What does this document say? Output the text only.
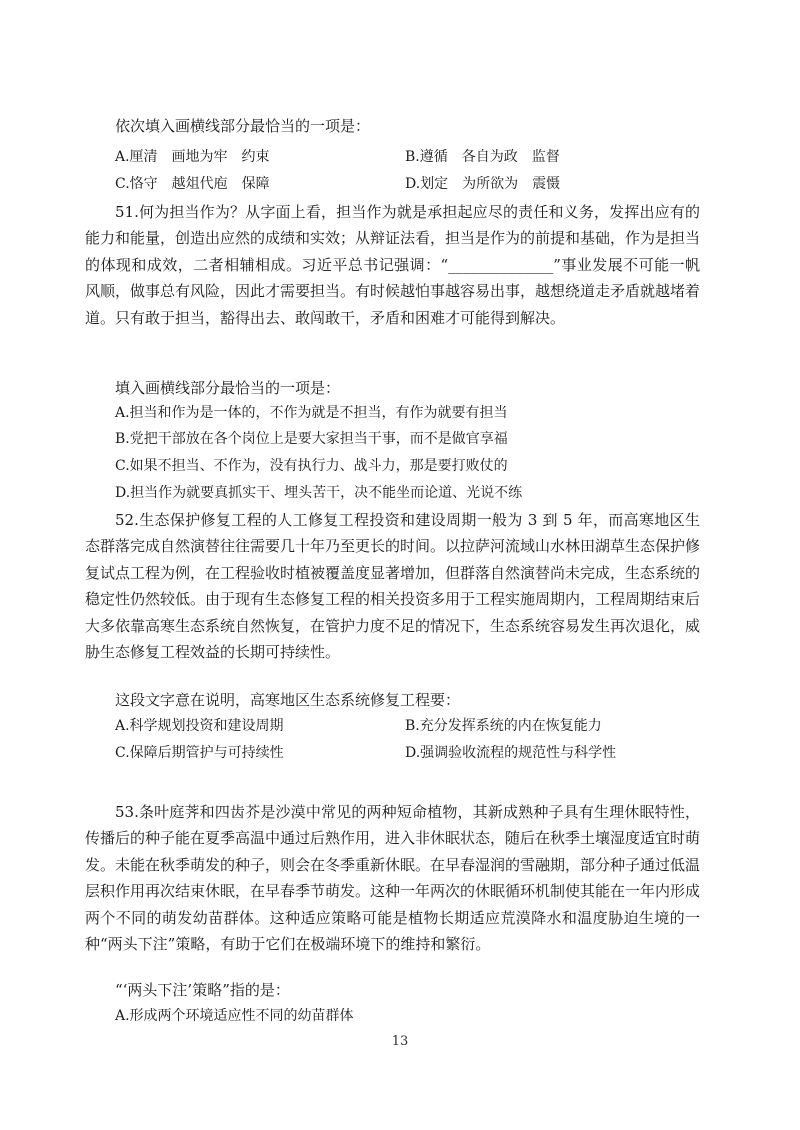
依次填入画横线部分最恰当的一项是：
A.厘清　画地为牢　约束	B.遵循　各自为政　监督
C.恪守　越俎代庖　保障	D.划定　为所欲为　震慑
51.何为担当作为？从字面上看，担当作为就是承担起应尽的责任和义务，发挥出应有的能力和能量，创造出应然的成绩和实效；从辩证法看，担当是作为的前提和基础，作为是担当的体现和成效，二者相辅相成。习近平总书记强调：“______________”事业发展不可能一帆风顺，做事总有风险，因此才需要担当。有时候越怕事越容易出事，越想绕道走矛盾就越堵着道。只有敢于担当，豁得出去、敢闯敢干，矛盾和困难才可能得到解决。
填入画横线部分最恰当的一项是：
A.担当和作为是一体的，不作为就是不担当，有作为就要有担当
B.党把干部放在各个岗位上是要大家担当干事，而不是做官享福
C.如果不担当、不作为，没有执行力、战斗力，那是要打败仗的
D.担当作为就要真抓实干、埋头苦干，决不能坐而论道、光说不练
52.生态保护修复工程的人工修复工程投资和建设周期一般为 3 到 5 年，而高寒地区生态群落完成自然演替往往需要几十年乃至更长的时间。以拉萨河流域山水林田湖草生态保护修复试点工程为例，在工程验收时植被覆盖度显著增加，但群落自然演替尚未完成，生态系统的稳定性仍然较低。由于现有生态修复工程的相关投资多用于工程实施周期内，工程周期结束后大多依靠高寒生态系统自然恢复，在管护力度不足的情况下，生态系统容易发生再次退化，威胁生态修复工程效益的长期可持续性。
这段文字意在说明，高寒地区生态系统修复工程要：
A.科学规划投资和建设周期	B.充分发挥系统的内在恢复能力
C.保障后期管护与可持续性	D.强调验收流程的规范性与科学性
53.条叶庭荠和四齿芥是沙漠中常见的两种短命植物，其新成熟种子具有生理休眠特性，传播后的种子能在夏季高温中通过后熟作用，进入非休眠状态，随后在秋季土壤湿度适宜时萌发。未能在秋季萌发的种子，则会在冬季重新休眠。在早春湿润的雪融期，部分种子通过低温层积作用再次结束休眠，在早春季节萌发。这种一年两次的休眠循环机制使其能在一年内形成两个不同的萌发幼苗群体。这种适应策略可能是植物长期适应荒漠降水和温度胁迫生境的一种“两头下注”策略，有助于它们在极端环境下的维持和繁衍。
“‘两头下注’策略”指的是：
A.形成两个环境适应性不同的幼苗群体
13
